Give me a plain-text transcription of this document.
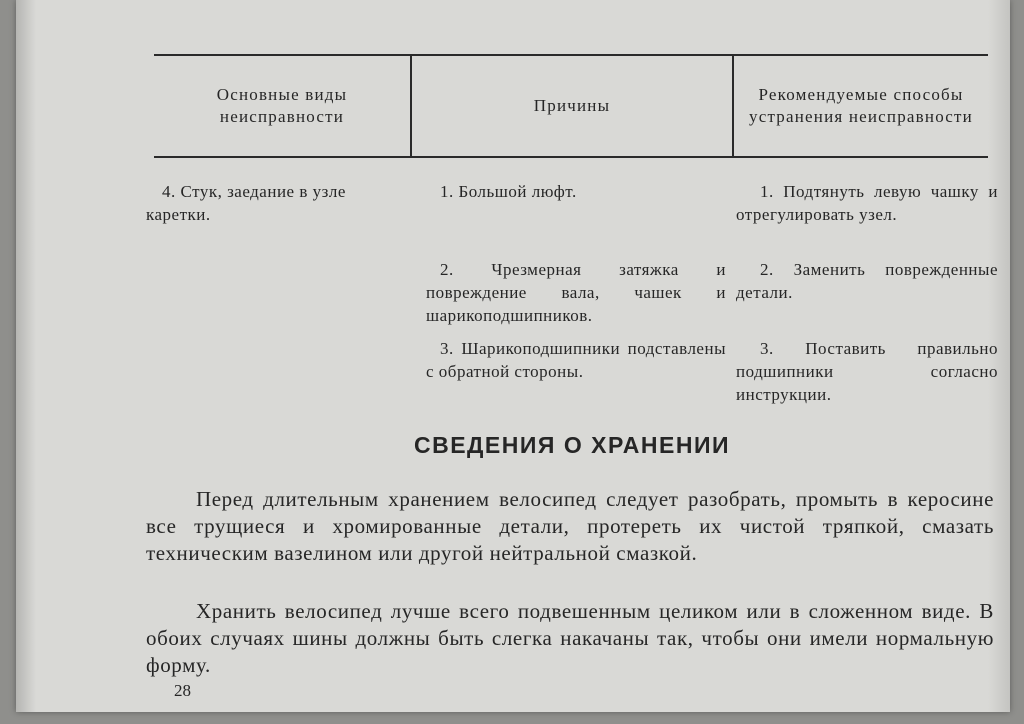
Основные виды неисправности
Причины
Рекомендуемые способы устранения неисправности
4. Стук, заедание в узле каретки.
1. Большой люфт.	1. Подтянуть левую чашку и отрегулировать узел.
2. Чрезмерная затяжка и повреждение вала, чашек и шарикоподшипников.
2. Заменить поврежденные детали.
3. Шарикоподшипники подставлены с обратной стороны.
3. Поставить правильно подшипники согласно инструкции.
СВЕДЕНИЯ О ХРАНЕНИИ
Перед длительным хранением велосипед следует разобрать, промыть в керосине все трущиеся и хромированные детали, протереть их чистой тряпкой, смазать техническим вазелином или другой нейтральной смазкой.
Хранить велосипед лучше всего подвешенным целиком или в сложенном виде. В обоих случаях шины должны быть слегка накачаны так, чтобы они имели нормальную форму.
28
